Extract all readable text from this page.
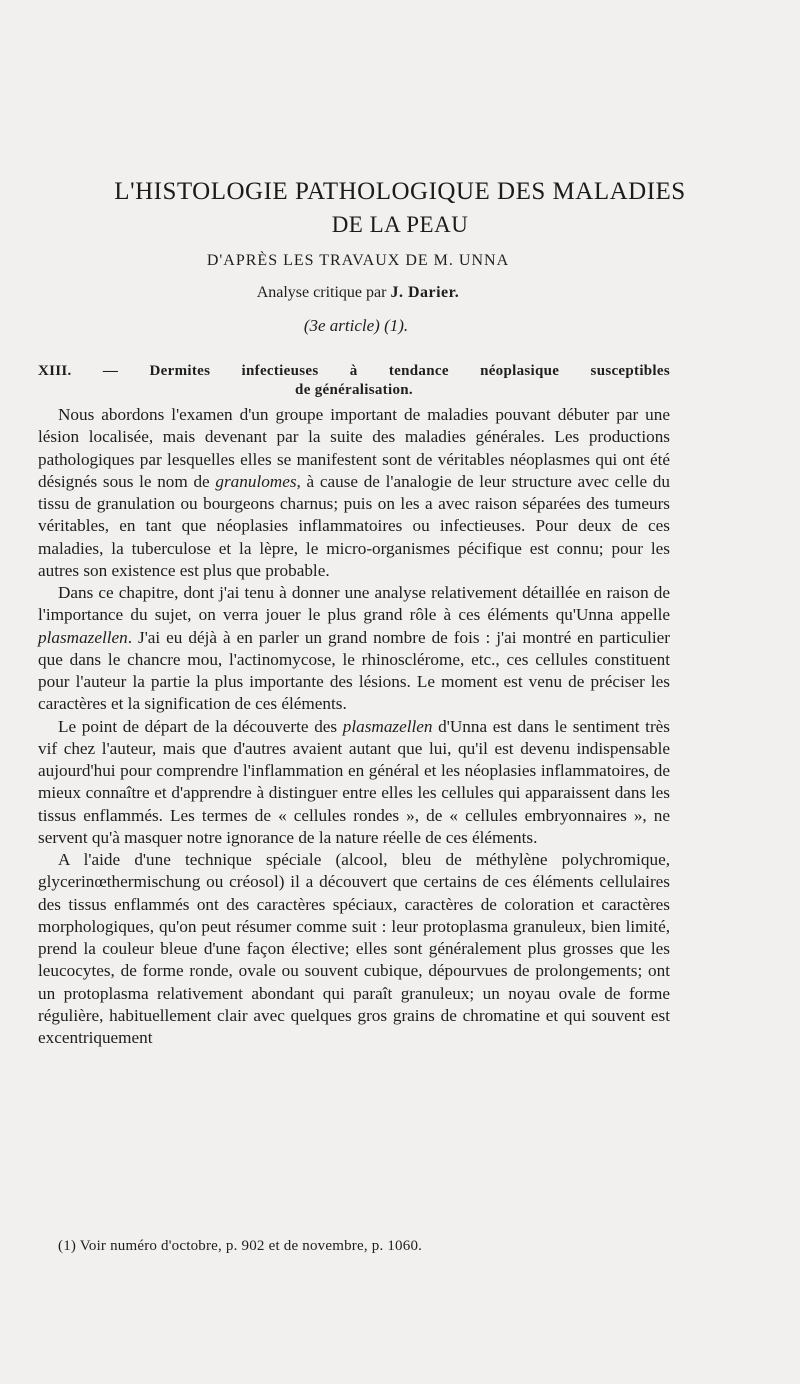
L'HISTOLOGIE PATHOLOGIQUE DES MALADIES
DE LA PEAU
D'APRÈS LES TRAVAUX DE M. UNNA
Analyse critique par J. Darier.
(3e article) (1).
XIII. — Dermites infectieuses à tendance néoplasique susceptibles
de généralisation.

Nous abordons l'examen d'un groupe important de maladies pouvant débuter par une lésion localisée, mais devenant par la suite des maladies générales. Les productions pathologiques par lesquelles elles se manifestent sont de véritables néoplasmes qui ont été désignés sous le nom de granulomes, à cause de l'analogie de leur structure avec celle du tissu de granulation ou bourgeons charnus; puis on les a avec raison séparées des tumeurs véritables, en tant que néoplasies inflammatoires ou infectieuses. Pour deux de ces maladies, la tuberculose et la lèpre, le micro-organismes pécifique est connu; pour les autres son existence est plus que probable.

Dans ce chapitre, dont j'ai tenu à donner une analyse relativement détaillée en raison de l'importance du sujet, on verra jouer le plus grand rôle à ces éléments qu'Unna appelle plasmazellen. J'ai eu déjà à en parler un grand nombre de fois : j'ai montré en particulier que dans le chancre mou, l'actinomycose, le rhinosclérome, etc., ces cellules constituent pour l'auteur la partie la plus importante des lésions. Le moment est venu de préciser les caractères et la signification de ces éléments.

Le point de départ de la découverte des plasmazellen d'Unna est dans le sentiment très vif chez l'auteur, mais que d'autres avaient autant que lui, qu'il est devenu indispensable aujourd'hui pour comprendre l'inflammation en général et les néoplasies inflammatoires, de mieux connaître et d'apprendre à distinguer entre elles les cellules qui apparaissent dans les tissus enflammés. Les termes de « cellules rondes », de « cellules embryonnaires », ne servent qu'à masquer notre ignorance de la nature réelle de ces éléments.

A l'aide d'une technique spéciale (alcool, bleu de méthylène polychromique, glycerinœthermischung ou créosol) il a découvert que certains de ces éléments cellulaires des tissus enflammés ont des caractères spéciaux, caractères de coloration et caractères morphologiques, qu'on peut résumer comme suit : leur protoplasma granuleux, bien limité, prend la couleur bleue d'une façon élective; elles sont généralement plus grosses que les leucocytes, de forme ronde, ovale ou souvent cubique, dépourvues de prolongements; ont un protoplasma relativement abondant qui paraît granuleux; un noyau ovale de forme régulière, habituellement clair avec quelques gros grains de chromatine et qui souvent est excentriquement

(1) Voir numéro d'octobre, p. 902 et de novembre, p. 1060.
